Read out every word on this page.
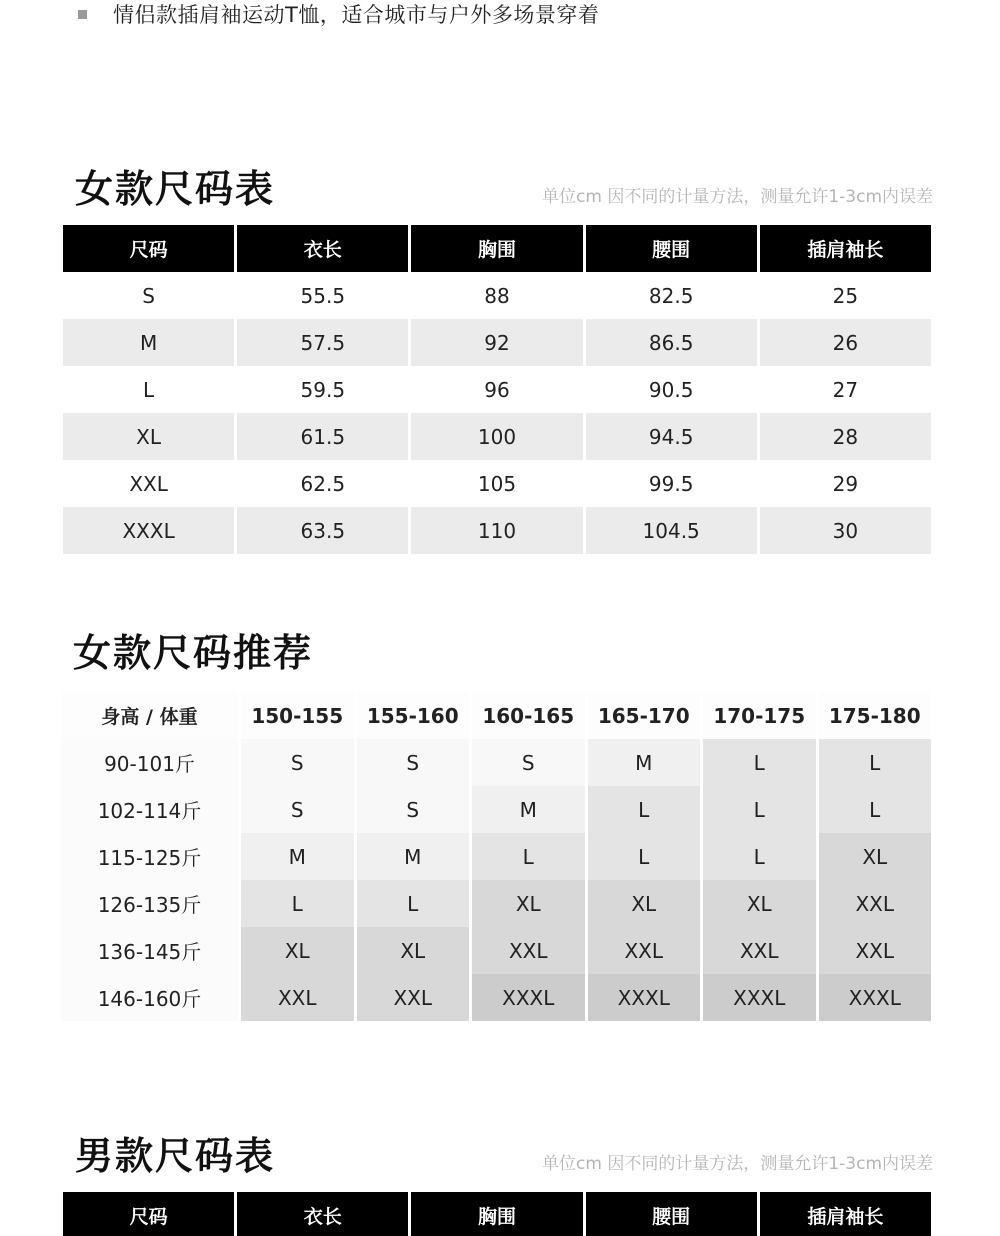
情侣款插肩袖运动T恤，适合城市与户外多场景穿着
女款尺码表	单位cm 因不同的计量方法，测量允许1-3cm内误差
尺码	衣长	胸围	腰围	插肩袖长
S	55.5	88	82.5	25
M	57.5	92	86.5	26
L	59.5	96	90.5	27
XL	61.5	100	94.5	28
XXL	62.5	105	99.5	29
XXXL	63.5	110	104.5	30
女款尺码推荐
身高 / 体重	150-155	155-160	160-165	165-170	170-175	175-180
90-101斤	S	S	S	M	L	L
102-114斤	S	S	M	L	L	L
115-125斤	M	M	L	L	L	XL
126-135斤	L	L	XL	XL	XL	XXL
136-145斤	XL	XL	XXL	XXL	XXL	XXL
146-160斤	XXL	XXL	XXXL	XXXL	XXXL	XXXL
男款尺码表	单位cm 因不同的计量方法，测量允许1-3cm内误差
尺码	衣长	胸围	腰围	插肩袖长
